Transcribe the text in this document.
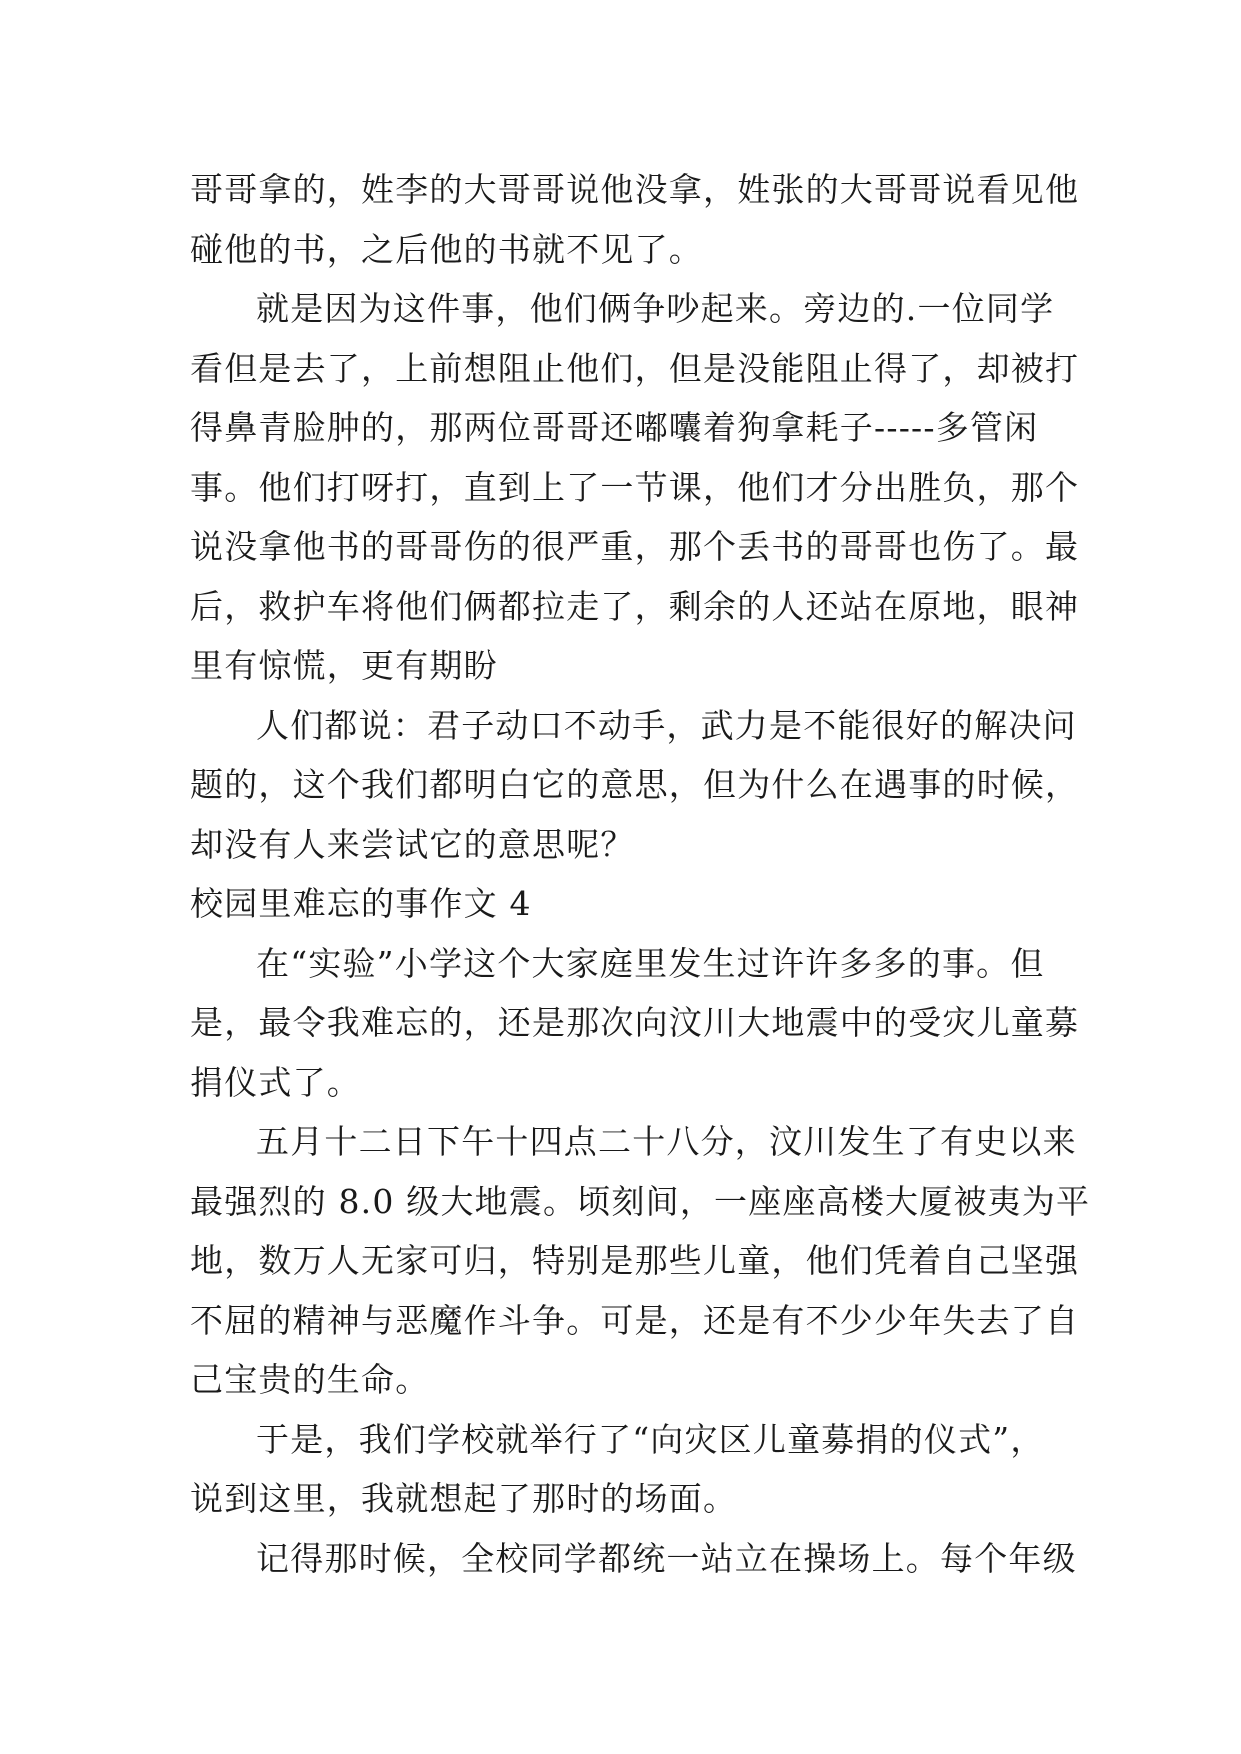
哥哥拿的，姓李的大哥哥说他没拿，姓张的大哥哥说看见他
碰他的书，之后他的书就不见了。
就是因为这件事，他们俩争吵起来。旁边的.一位同学
看但是去了，上前想阻止他们，但是没能阻止得了，却被打
得鼻青脸肿的，那两位哥哥还嘟囔着狗拿耗子-----多管闲
事。他们打呀打，直到上了一节课，他们才分出胜负，那个
说没拿他书的哥哥伤的很严重，那个丢书的哥哥也伤了。最
后，救护车将他们俩都拉走了，剩余的人还站在原地，眼神
里有惊慌，更有期盼
人们都说：君子动口不动手，武力是不能很好的解决问
题的，这个我们都明白它的意思，但为什么在遇事的时候，
却没有人来尝试它的意思呢？
校园里难忘的事作文 4
在“实验”小学这个大家庭里发生过许许多多的事。但
是，最令我难忘的，还是那次向汶川大地震中的受灾儿童募
捐仪式了。
五月十二日下午十四点二十八分，汶川发生了有史以来
最强烈的 8.0 级大地震。顷刻间，一座座高楼大厦被夷为平
地，数万人无家可归，特别是那些儿童，他们凭着自己坚强
不屈的精神与恶魔作斗争。可是，还是有不少少年失去了自
己宝贵的生命。
于是，我们学校就举行了“向灾区儿童募捐的仪式”，
说到这里，我就想起了那时的场面。
记得那时候，全校同学都统一站立在操场上。每个年级
